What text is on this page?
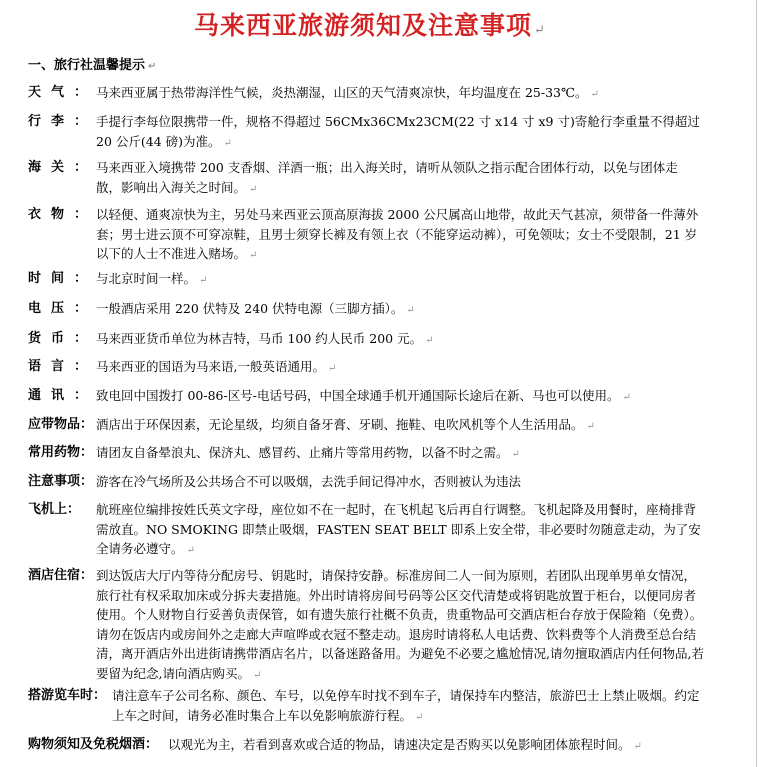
马来西亚旅游须知及注意事项 ↵
一、旅行社温馨提示 ↵
天气： 马来西亚属于热带海洋性气候，炎热潮湿，山区的天气清爽凉快，年均温度在 25-33℃。 ↵
行李： 手提行李每位限携带一件，规格不得超过 56CMx36CMx23CM(22 寸 x14 寸 x9 寸)寄舱行李重量不得超过 20 公斤(44 磅)为准。 ↵
海关： 马来西亚入境携带 200 支香烟、洋酒一瓶；出入海关时，请听从领队之指示配合团体行动，以免与团体走散，影响出入海关之时间。 ↵
衣物： 以轻便、通爽凉快为主，另处马来西亚云顶高原海拔 2000 公尺属高山地带，故此天气甚凉，须带备一件薄外套；男士进云顶不可穿凉鞋，且男士须穿长裤及有领上衣（不能穿运动裤），可免领呔；女士不受限制，21 岁以下的人士不准进入赌场。 ↵
时间： 与北京时间一样。 ↵
电压： 一般酒店采用 220 伏特及 240 伏特电源（三脚方插）。 ↵
货币： 马来西亚货币单位为林吉特，马币 100 约人民币 200 元。 ↵
语言： 马来西亚的国语为马来语,一般英语通用。 ↵
通讯： 致电回中国拨打 00-86-区号-电话号码，中国全球通手机开通国际长途后在新、马也可以使用。 ↵
应带物品： 酒店出于环保因素，无论星级，均须自备牙膏、牙刷、拖鞋、电吹风机等个人生活用品。 ↵
常用药物： 请团友自备晕浪丸、保济丸、感冒药、止痛片等常用药物，以备不时之需。 ↵
注意事项： 游客在冷气场所及公共场合不可以吸烟，去洗手间记得冲水，否则被认为违法
飞机上： 航班座位编排按姓氏英文字母，座位如不在一起时，在飞机起飞后再自行调整。飞机起降及用餐时，座椅排背需放直。NO SMOKING 即禁止吸烟，FASTEN SEAT BELT 即系上安全带，非必要时勿随意走动，为了安全请务必遵守。 ↵
酒店住宿： 到达饭店大厅内等待分配房号、钥匙时，请保持安静。标准房间二人一间为原则，若团队出现单男单女情况，旅行社有权采取加床或分拆夫妻措施。外出时请将房间号码等公区交代清楚或将钥匙放置于柜台，以便同房者使用。个人财物自行妥善负责保管，如有遗失旅行社概不负责，贵重物品可交酒店柜台存放于保险箱（免费）。请勿在饭店内或房间外之走廊大声喧哗或衣冠不整走动。退房时请将私人电话费、饮料费等个人消费至总台结清，离开酒店外出进街请携带酒店名片，以备迷路备用。为避免不必要之尴尬情况,请勿擅取酒店内任何物品,若要留为纪念,请向酒店购买。 ↵
搭游览车时： 请注意车子公司名称、颜色、车号，以免停车时找不到车子，请保持车内整洁，旅游巴士上禁止吸烟。约定上车之时间，请务必准时集合上车以免影响旅游行程。 ↵
购物须知及免税烟酒： 以观光为主，若看到喜欢或合适的物品，请速决定是否购买以免影响团体旅程时间。 ↵
